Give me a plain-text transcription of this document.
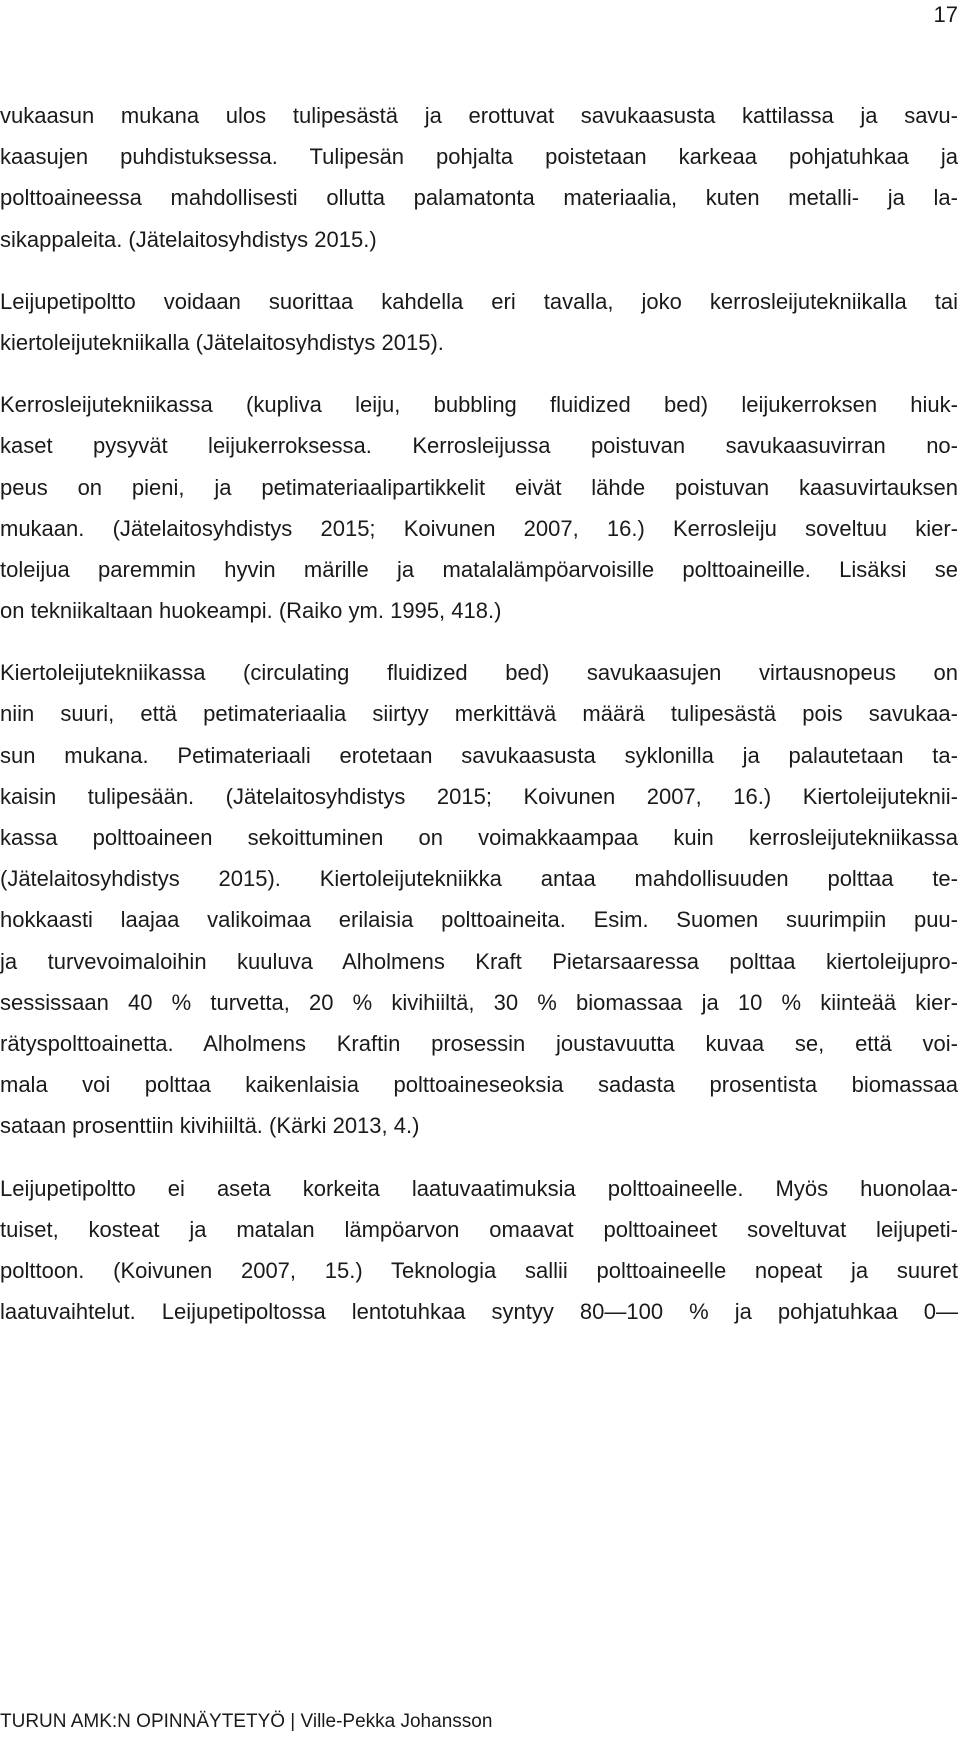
17

vukaasun mukana ulos tulipesästä ja erottuvat savukaasusta kattilassa ja savu-
kaasujen puhdistuksessa. Tulipesän pohjalta poistetaan karkeaa pohjatuhkaa ja
polttoaineessa mahdollisesti ollutta palamatonta materiaalia, kuten metalli- ja la-
sikappaleita. (Jätelaitosyhdistys 2015.)

Leijupetipoltto voidaan suorittaa kahdella eri tavalla, joko kerrosleijutekniikalla tai
kiertoleijutekniikalla (Jätelaitosyhdistys 2015).

Kerrosleijutekniikassa (kupliva leiju, bubbling fluidized bed) leijukerroksen hiuk-
kaset pysyvät leijukerroksessa. Kerrosleijussa poistuvan savukaasuvirran no-
peus on pieni, ja petimateriaalipartikkelit eivät lähde poistuvan kaasuvirtauksen
mukaan. (Jätelaitosyhdistys 2015; Koivunen 2007, 16.) Kerrosleiju soveltuu kier-
toleijua paremmin hyvin märille ja matalalämpöarvoisille polttoaineille. Lisäksi se
on tekniikaltaan huokeampi. (Raiko ym. 1995, 418.)

Kiertoleijutekniikassa (circulating fluidized bed) savukaasujen virtausnopeus on
niin suuri, että petimateriaalia siirtyy merkittävä määrä tulipesästä pois savukaa-
sun mukana. Petimateriaali erotetaan savukaasusta syklonilla ja palautetaan ta-
kaisin tulipesään. (Jätelaitosyhdistys 2015; Koivunen 2007, 16.) Kiertoleijuteknii-
kassa polttoaineen sekoittuminen on voimakkaampaa kuin kerrosleijutekniikassa
(Jätelaitosyhdistys 2015). Kiertoleijutekniikka antaa mahdollisuuden polttaa te-
hokkaasti laajaa valikoimaa erilaisia polttoaineita. Esim. Suomen suurimpiin puu-
ja turvevoimaloihin kuuluva Alholmens Kraft Pietarsaaressa polttaa kiertoleijupro-
sessissaan 40 % turvetta, 20 % kivihiiltä, 30 % biomassaa ja 10 % kiinteää kier-
rätyspolttoainetta. Alholmens Kraftin prosessin joustavuutta kuvaa se, että voi-
mala voi polttaa kaikenlaisia polttoaineseoksia sadasta prosentista biomassaa
sataan prosenttiin kivihiiltä. (Kärki 2013, 4.)

Leijupetipoltto ei aseta korkeita laatuvaatimuksia polttoaineelle. Myös huonolaa-
tuiset, kosteat ja matalan lämpöarvon omaavat polttoaineet soveltuvat leijupeti-
polttoon. (Koivunen 2007, 15.) Teknologia sallii polttoaineelle nopeat ja suuret
laatuvaihtelut. Leijupetipoltossa lentotuhkaa syntyy 80—100 % ja pohjatuhkaa 0—

TURUN AMK:N OPINNÄYTETYÖ | Ville-Pekka Johansson
